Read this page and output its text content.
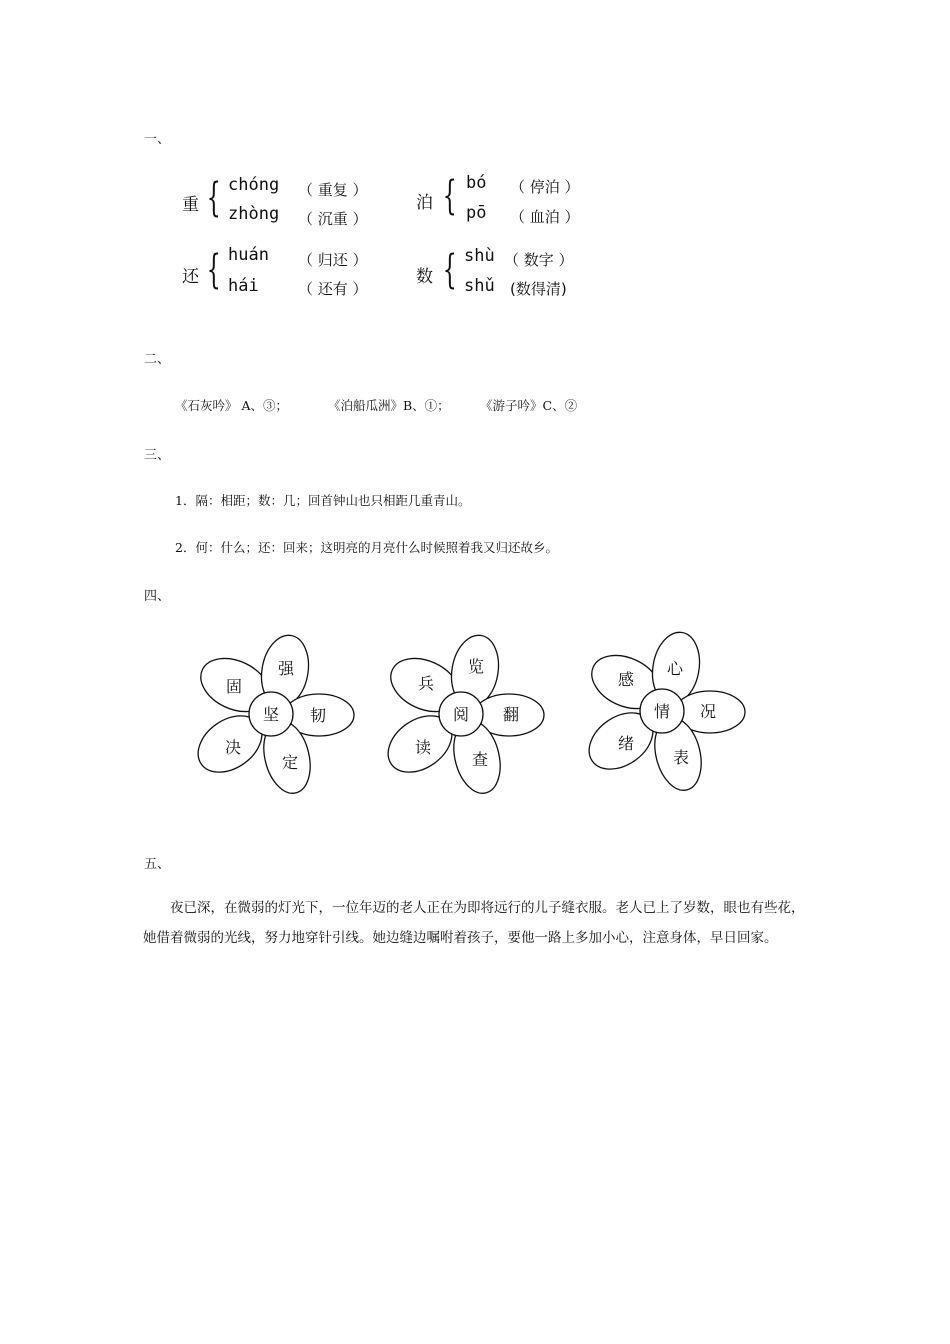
一、
重 { chóng
zhòng
（ 重复 ）
（ 沉重 ）
泊 { bó
pō
（ 停泊 ）
（ 血泊 ）
还 { huán
hái
（ 归还 ）
（ 还有 ）
数 { shù
shǔ
（ 数字 ）
(数得清)
二、
《石灰吟》 A、③；	《泊船瓜洲》B、①； 《游子吟》C、②
三、
1．隔：相距；数：几；回首钟山也只相距几重青山。
2．何：什么；还：回来；这明亮的月亮什么时候照着我又归还故乡。
四、
坚
固
强
韧
定
决
阅
兵
览
翻
查
读
情
感
心
况
表
绪
五、
夜已深，在微弱的灯光下，一位年迈的老人正在为即将远行的儿子缝衣服。老人已上了岁数，眼也有些花，她借着微弱的光线，努力地穿针引线。她边缝边嘱咐着孩子，要他一路上多加小心，注意身体，早日回家。
